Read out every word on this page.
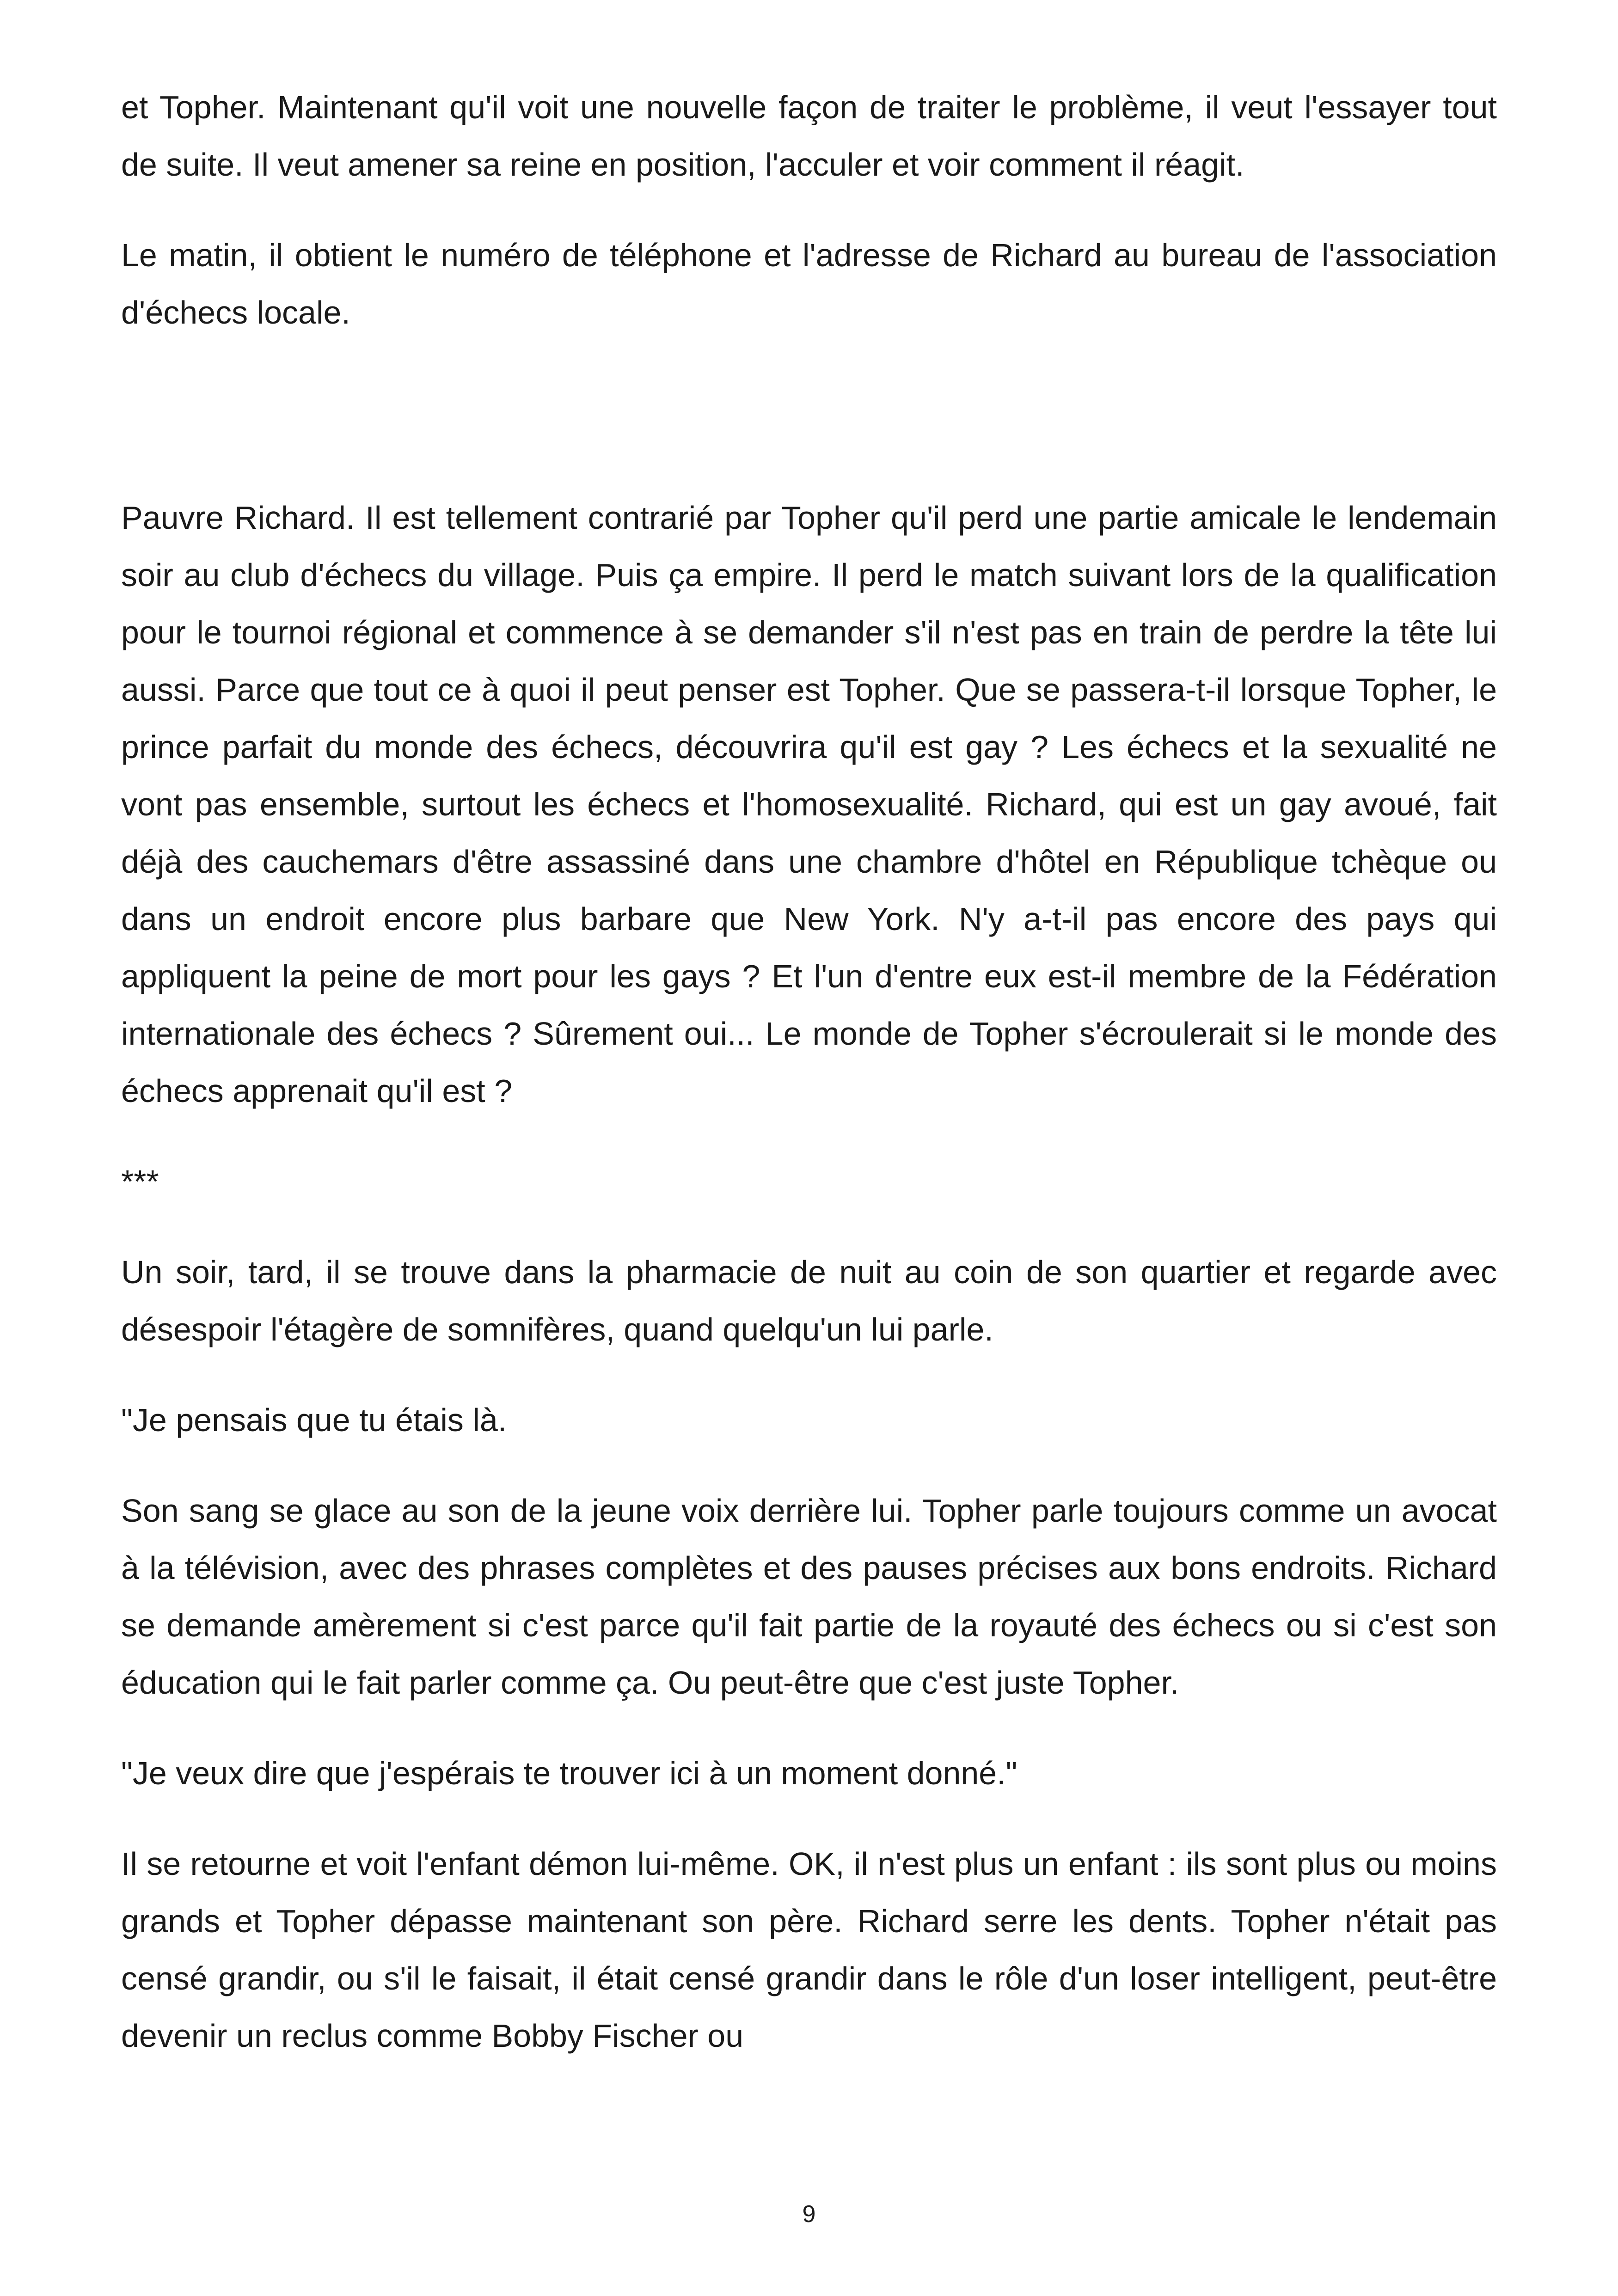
et Topher. Maintenant qu'il voit une nouvelle façon de traiter le problème, il veut l'essayer tout de suite. Il veut amener sa reine en position, l'acculer et voir comment il réagit.

Le matin, il obtient le numéro de téléphone et l'adresse de Richard au bureau de l'association d'échecs locale.

Pauvre Richard. Il est tellement contrarié par Topher qu'il perd une partie amicale le lendemain soir au club d'échecs du village. Puis ça empire. Il perd le match suivant lors de la qualification pour le tournoi régional et commence à se demander s'il n'est pas en train de perdre la tête lui aussi. Parce que tout ce à quoi il peut penser est Topher. Que se passera-t-il lorsque Topher, le prince parfait du monde des échecs, découvrira qu'il est gay ? Les échecs et la sexualité ne vont pas ensemble, surtout les échecs et l'homosexualité. Richard, qui est un gay avoué, fait déjà des cauchemars d'être assassiné dans une chambre d'hôtel en République tchèque ou dans un endroit encore plus barbare que New York. N'y a-t-il pas encore des pays qui appliquent la peine de mort pour les gays ? Et l'un d'entre eux est-il membre de la Fédération internationale des échecs ? Sûrement oui... Le monde de Topher s'écroulerait si le monde des échecs apprenait qu'il est ?

***

Un soir, tard, il se trouve dans la pharmacie de nuit au coin de son quartier et regarde avec désespoir l'étagère de somnifères, quand quelqu'un lui parle.

"Je pensais que tu étais là.

Son sang se glace au son de la jeune voix derrière lui. Topher parle toujours comme un avocat à la télévision, avec des phrases complètes et des pauses précises aux bons endroits. Richard se demande amèrement si c'est parce qu'il fait partie de la royauté des échecs ou si c'est son éducation qui le fait parler comme ça. Ou peut-être que c'est juste Topher.

"Je veux dire que j'espérais te trouver ici à un moment donné."

Il se retourne et voit l'enfant démon lui-même. OK, il n'est plus un enfant : ils sont plus ou moins grands et Topher dépasse maintenant son père. Richard serre les dents. Topher n'était pas censé grandir, ou s'il le faisait, il était censé grandir dans le rôle d'un loser intelligent, peut-être devenir un reclus comme Bobby Fischer ou

9
